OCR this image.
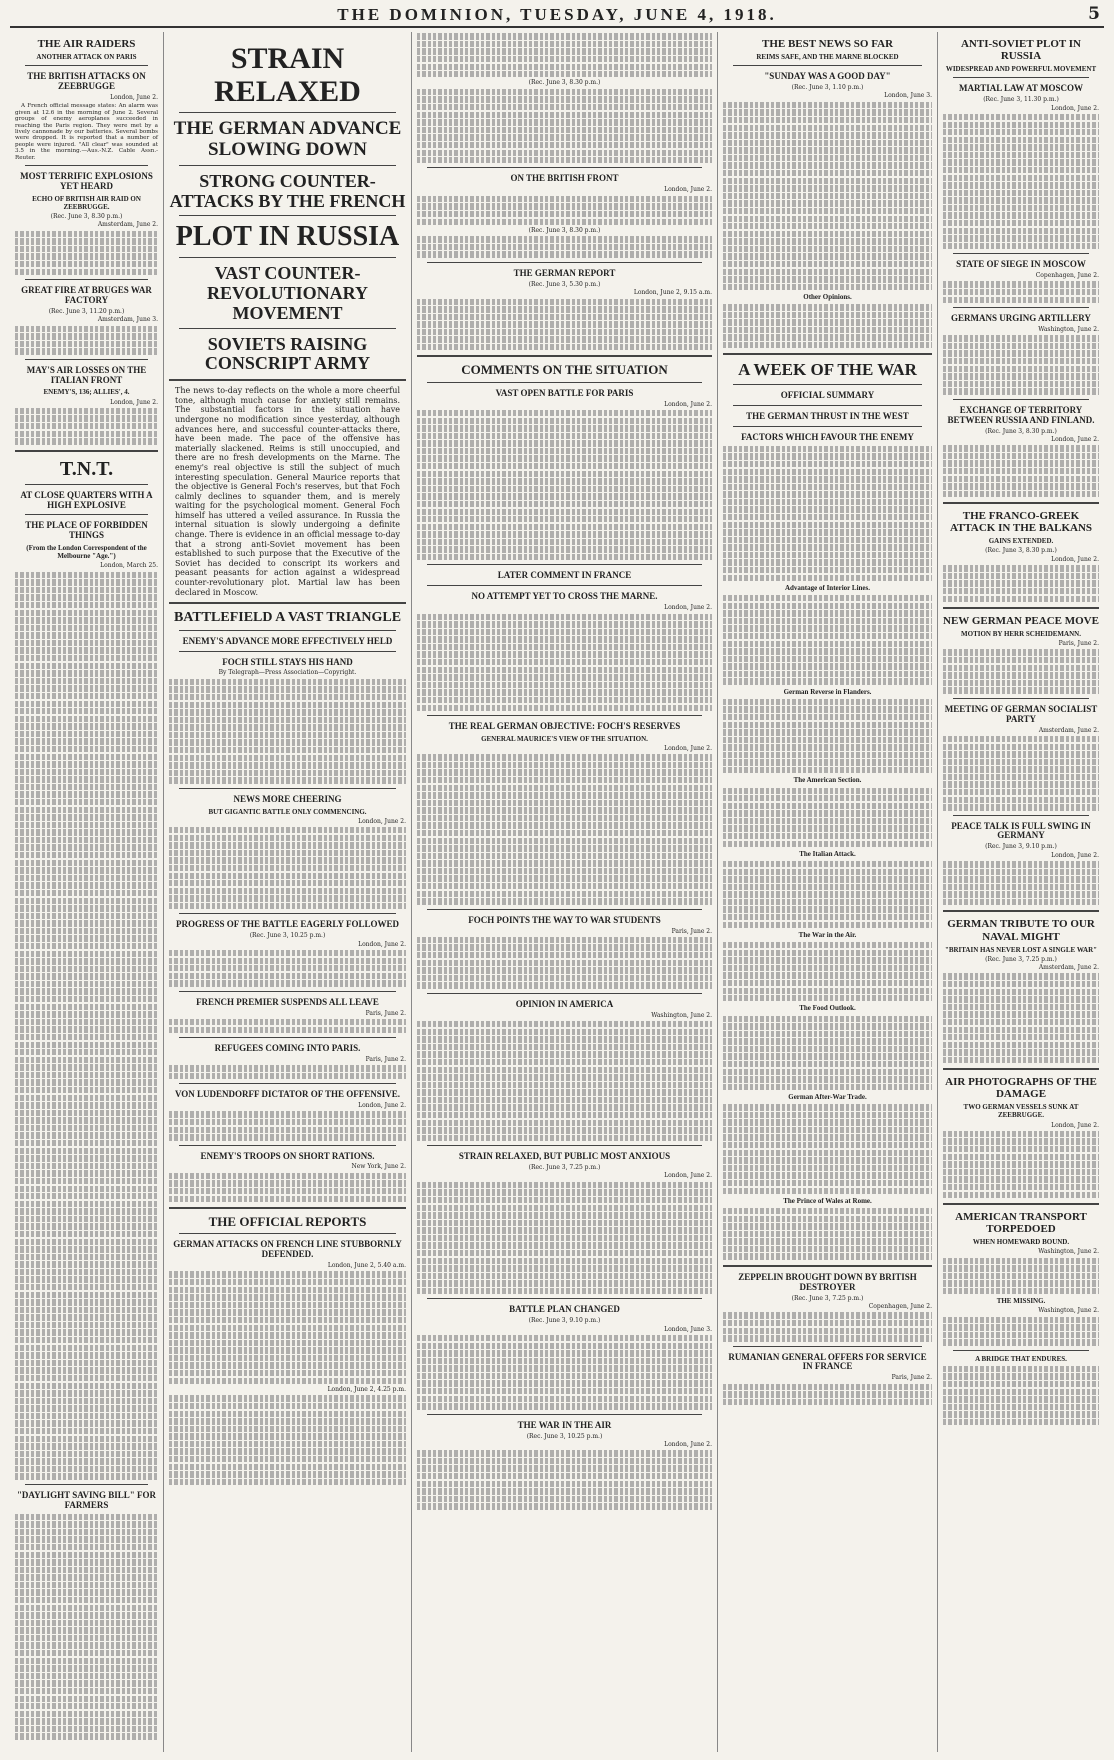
THE DOMINION, TUESDAY, JUNE 4, 1918.	5
THE AIR RAIDERS
ANOTHER ATTACK ON PARIS
THE BRITISH ATTACKS ON ZEEBRUGGE
London, June 2.
A French official message states: An alarm was given at 12.6 in the morning of June 2. Several groups of enemy aeroplanes succeeded in reaching the Paris region. They were met by a lively cannonade by our batteries. Several bombs were dropped. It is reported that a number of people were injured. "All clear" was sounded at 3.5 in the morning.—Aus.-N.Z. Cable Assn.-Reuter.
MOST TERRIFIC EXPLOSIONS YET HEARD
ECHO OF BRITISH AIR RAID ON ZEEBRUGGE.
(Rec. June 3, 8.30 p.m.)
Amsterdam, June 2.
GREAT FIRE AT BRUGES WAR FACTORY
(Rec. June 3, 11.20 p.m.)
Amsterdam, June 3.
MAY'S AIR LOSSES ON THE ITALIAN FRONT
ENEMY'S, 136; ALLIES', 4.
London, June 2.
T.N.T.
AT CLOSE QUARTERS WITH A HIGH EXPLOSIVE
THE PLACE OF FORBIDDEN THINGS
(From the London Correspondent of the Melbourne "Age.")
London, March 25.
"DAYLIGHT SAVING BILL" FOR FARMERS
STRAIN RELAXED
THE GERMAN ADVANCE SLOWING DOWN
STRONG COUNTER-ATTACKS BY THE FRENCH
PLOT IN RUSSIA
VAST COUNTER-REVOLUTIONARY MOVEMENT
SOVIETS RAISING CONSCRIPT ARMY
The news to-day reflects on the whole a more cheerful tone, although much cause for anxiety still remains. The substantial factors in the situation have undergone no modification since yesterday, although advances here, and successful counter-attacks there, have been made. The pace of the offensive has materially slackened. Reims is still unoccupied, and there are no fresh developments on the Marne. The enemy's real objective is still the subject of much interesting speculation. General Maurice reports that the objective is General Foch's reserves, but that Foch calmly declines to squander them, and is merely waiting for the psychological moment. General Foch himself has uttered a veiled assurance. In Russia the internal situation is slowly undergoing a definite change. There is evidence in an official message to-day that a strong anti-Soviet movement has been established to such purpose that the Executive of the Soviet has decided to conscript its workers and peasant peasants for action against a widespread counter-revolutionary plot. Martial law has been declared in Moscow.
BATTLEFIELD A VAST TRIANGLE
ENEMY'S ADVANCE MORE EFFECTIVELY HELD
FOCH STILL STAYS HIS HAND
By Telegraph—Press Association—Copyright.
NEWS MORE CHEERING
BUT GIGANTIC BATTLE ONLY COMMENCING.
London, June 2.
PROGRESS OF THE BATTLE EAGERLY FOLLOWED
(Rec. June 3, 10.25 p.m.)
London, June 2.
FRENCH PREMIER SUSPENDS ALL LEAVE
Paris, June 2.
REFUGEES COMING INTO PARIS.
Paris, June 2.
VON LUDENDORFF DICTATOR OF THE OFFENSIVE.
London, June 2.
ENEMY'S TROOPS ON SHORT RATIONS.
New York, June 2.
THE OFFICIAL REPORTS
GERMAN ATTACKS ON FRENCH LINE STUBBORNLY DEFENDED.
London, June 2, 5.40 a.m.
London, June 2, 4.25 p.m.
(Rec. June 3, 8.30 p.m.)
ON THE BRITISH FRONT
London, June 2.
(Rec. June 3, 8.30 p.m.)
THE GERMAN REPORT
(Rec. June 3, 5.30 p.m.)
London, June 2, 9.15 a.m.
COMMENTS ON THE SITUATION
VAST OPEN BATTLE FOR PARIS
London, June 2.
LATER COMMENT IN FRANCE
NO ATTEMPT YET TO CROSS THE MARNE.
London, June 2.
THE REAL GERMAN OBJECTIVE: FOCH'S RESERVES
GENERAL MAURICE'S VIEW OF THE SITUATION.
London, June 2.
FOCH POINTS THE WAY TO WAR STUDENTS
Paris, June 2.
OPINION IN AMERICA
Washington, June 2.
STRAIN RELAXED, BUT PUBLIC MOST ANXIOUS
(Rec. June 3, 7.25 p.m.)
London, June 2.
BATTLE PLAN CHANGED
(Rec. June 3, 9.10 p.m.)
London, June 3.
THE WAR IN THE AIR
(Rec. June 3, 10.25 p.m.)
London, June 2.
THE BEST NEWS SO FAR
REIMS SAFE, AND THE MARNE BLOCKED
"SUNDAY WAS A GOOD DAY"
(Rec. June 3, 1.10 p.m.)
London, June 3.
Other Opinions.
A WEEK OF THE WAR
OFFICIAL SUMMARY
THE GERMAN THRUST IN THE WEST
FACTORS WHICH FAVOUR THE ENEMY
Advantage of Interior Lines.
German Reverse in Flanders.
The American Section.
The Italian Attack.
The War in the Air.
The Food Outlook.
German After-War Trade.
The Prince of Wales at Rome.
ZEPPELIN BROUGHT DOWN BY BRITISH DESTROYER
(Rec. June 3, 7.25 p.m.)
Copenhagen, June 2.
RUMANIAN GENERAL OFFERS FOR SERVICE IN FRANCE
Paris, June 2.
ANTI-SOVIET PLOT IN RUSSIA
WIDESPREAD AND POWERFUL MOVEMENT
MARTIAL LAW AT MOSCOW
(Rec. June 3, 11.30 p.m.)
London, June 2.
STATE OF SIEGE IN MOSCOW
Copenhagen, June 2.
GERMANS URGING ARTILLERY
Washington, June 2.
EXCHANGE OF TERRITORY BETWEEN RUSSIA AND FINLAND.
(Rec. June 3, 8.30 p.m.)
London, June 2.
THE FRANCO-GREEK ATTACK IN THE BALKANS
GAINS EXTENDED.
(Rec. June 3, 8.30 p.m.)
London, June 2.
NEW GERMAN PEACE MOVE
MOTION BY HERR SCHEIDEMANN.
Paris, June 2.
MEETING OF GERMAN SOCIALIST PARTY
Amsterdam, June 2.
PEACE TALK IS FULL SWING IN GERMANY
(Rec. June 3, 9.10 p.m.)
London, June 2.
GERMAN TRIBUTE TO OUR NAVAL MIGHT
"BRITAIN HAS NEVER LOST A SINGLE WAR"
(Rec. June 3, 7.25 p.m.)
Amsterdam, June 2.
AIR PHOTOGRAPHS OF THE DAMAGE
TWO GERMAN VESSELS SUNK AT ZEEBRUGGE.
London, June 2.
AMERICAN TRANSPORT TORPEDOED
WHEN HOMEWARD BOUND.
Washington, June 2.
THE MISSING.
Washington, June 2.
A BRIDGE THAT ENDURES.
